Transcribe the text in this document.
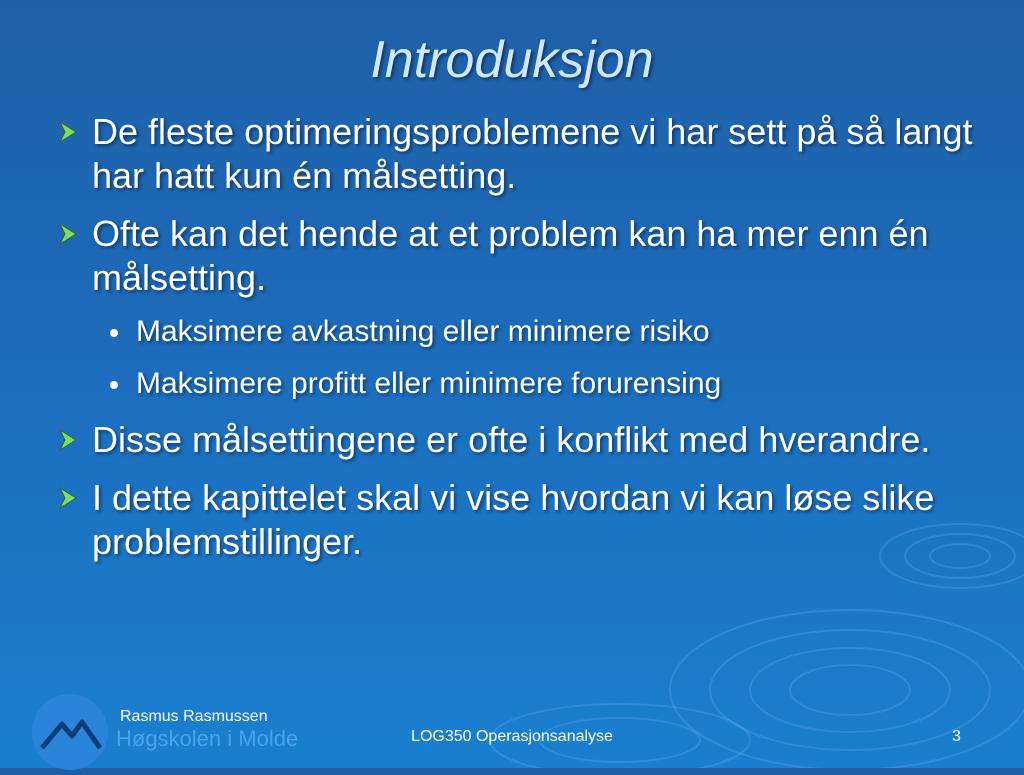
Introduksjon
De fleste optimeringsproblemene vi har sett på så langt har hatt kun én målsetting.
Ofte kan det hende at et problem kan ha mer enn én målsetting.
Maksimere avkastning eller minimere risiko
Maksimere profitt eller minimere forurensing
Disse målsettingene er ofte i konflikt med hverandre.
I dette kapittelet skal vi vise hvordan vi kan løse slike problemstillinger.
Høgskolen i Molde
Rasmus Rasmussen
LOG350 Operasjonsanalyse	3
